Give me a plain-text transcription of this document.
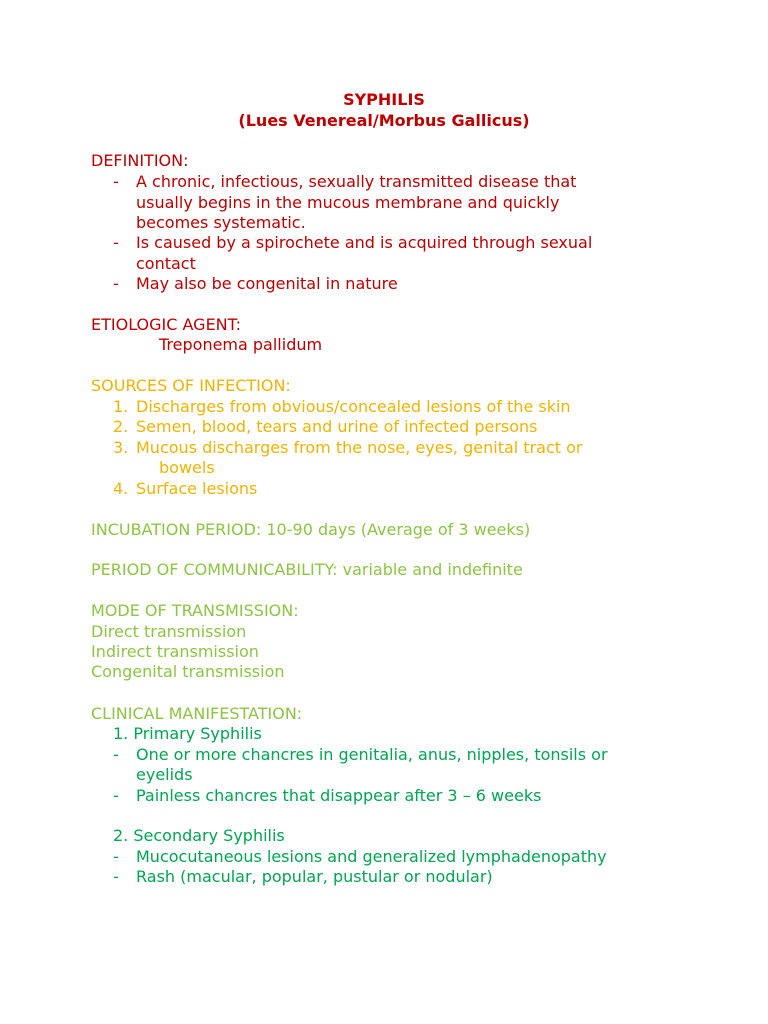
SYPHILIS
(Lues Venereal/Morbus Gallicus)
DEFINITION:
- A chronic, infectious, sexually transmitted disease that
usually begins in the mucous membrane and quickly
becomes systematic.
- Is caused by a spirochete and is acquired through sexual
contact
- May also be congenital in nature
ETIOLOGIC AGENT:
Treponema pallidum
SOURCES OF INFECTION:
1. Discharges from obvious/concealed lesions of the skin
2. Semen, blood, tears and urine of infected persons
3. Mucous discharges from the nose, eyes, genital tract or
bowels
4. Surface lesions
INCUBATION PERIOD: 10-90 days (Average of 3 weeks)
PERIOD OF COMMUNICABILITY: variable and indefinite
MODE OF TRANSMISSION:
Direct transmission
Indirect transmission
Congenital transmission
CLINICAL MANIFESTATION:
1. Primary Syphilis
- One or more chancres in genitalia, anus, nipples, tonsils or
eyelids
- Painless chancres that disappear after 3 – 6 weeks
2. Secondary Syphilis
- Mucocutaneous lesions and generalized lymphadenopathy
- Rash (macular, popular, pustular or nodular)
